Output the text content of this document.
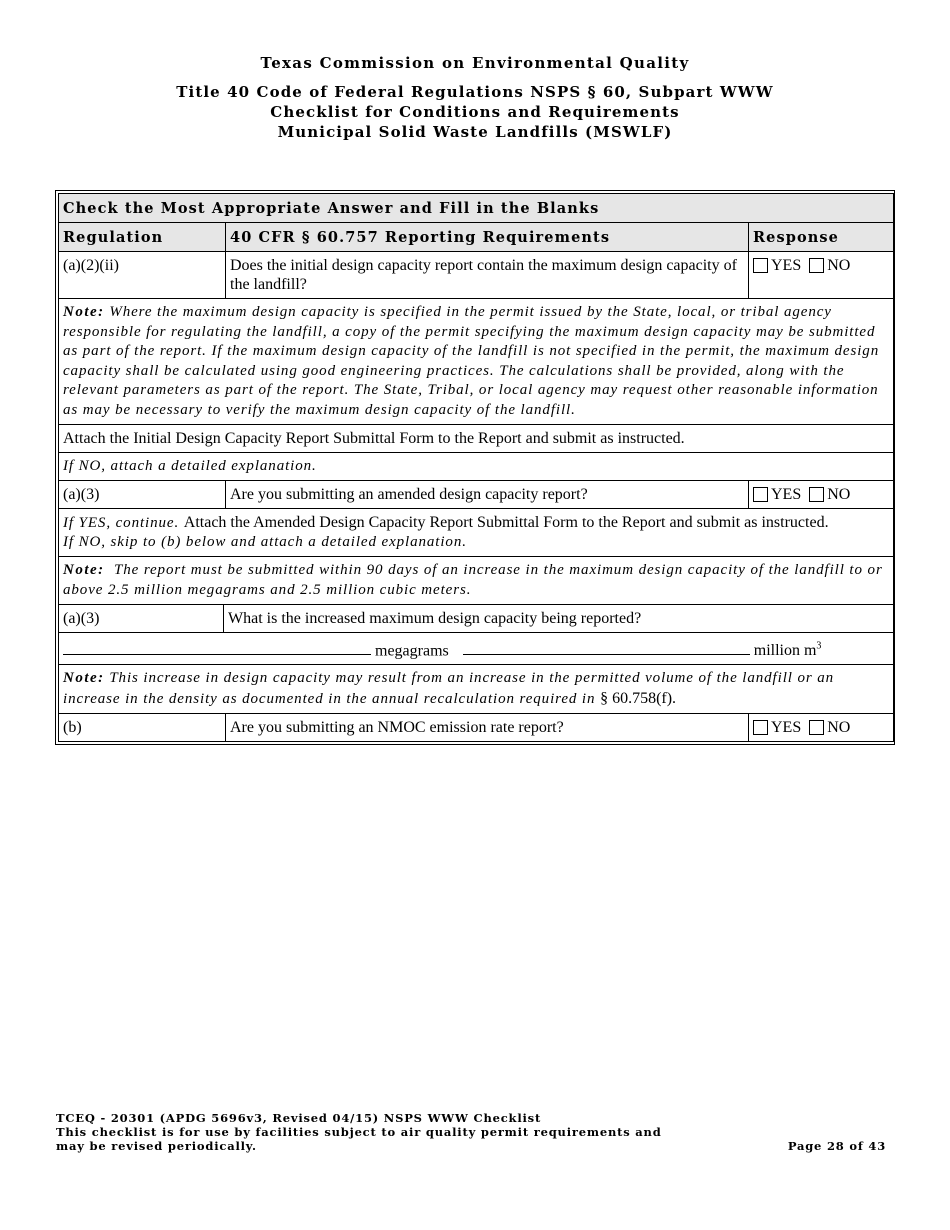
Texas Commission on Environmental Quality
Title 40 Code of Federal Regulations NSPS § 60, Subpart WWW
Checklist for Conditions and Requirements
Municipal Solid Waste Landfills (MSWLF)
Check the Most Appropriate Answer and Fill in the Blanks		
Regulation	40 CFR § 60.757 Reporting Requirements	Response
(a)(2)(ii)	Does the initial design capacity report contain the maximum design capacity of the landfill?	YES NO
Note: Where the maximum design capacity is specified in the permit issued by the State, local, or tribal agency responsible for regulating the landfill, a copy of the permit specifying the maximum design capacity may be submitted as part of the report. If the maximum design capacity of the landfill is not specified in the permit, the maximum design capacity shall be calculated using good engineering practices. The calculations shall be provided, along with the relevant parameters as part of the report. The State, Tribal, or local agency may request other reasonable information as may be necessary to verify the maximum design capacity of the landfill.		
Attach the Initial Design Capacity Report Submittal Form to the Report and submit as instructed.		
If NO, attach a detailed explanation.		
(a)(3)	Are you submitting an amended design capacity report?	YES NO
If YES, continue. Attach the Amended Design Capacity Report Submittal Form to the Report and submit as instructed.
If NO, skip to (b) below and attach a detailed explanation.		
Note: The report must be submitted within 90 days of an increase in the maximum design capacity of the landfill to or above 2.5 million megagrams and 2.5 million cubic meters.		

(a)(3) What is the increased maximum design capacity being reported?		

megagrams million $m^3$
Note: This increase in design capacity may result from an increase in the permitted volume of the landfill or an increase in the density as documented in the annual recalculation required in § 60.758(f).		
(b)	Are you submitting an NMOC emission rate report?	YES NO
TCEQ - 20301 (APDG 5696v3, Revised 04/15) NSPS WWW Checklist
This checklist is for use by facilities subject to air quality permit requirements and
may be revised periodically.	Page 28 of 43
